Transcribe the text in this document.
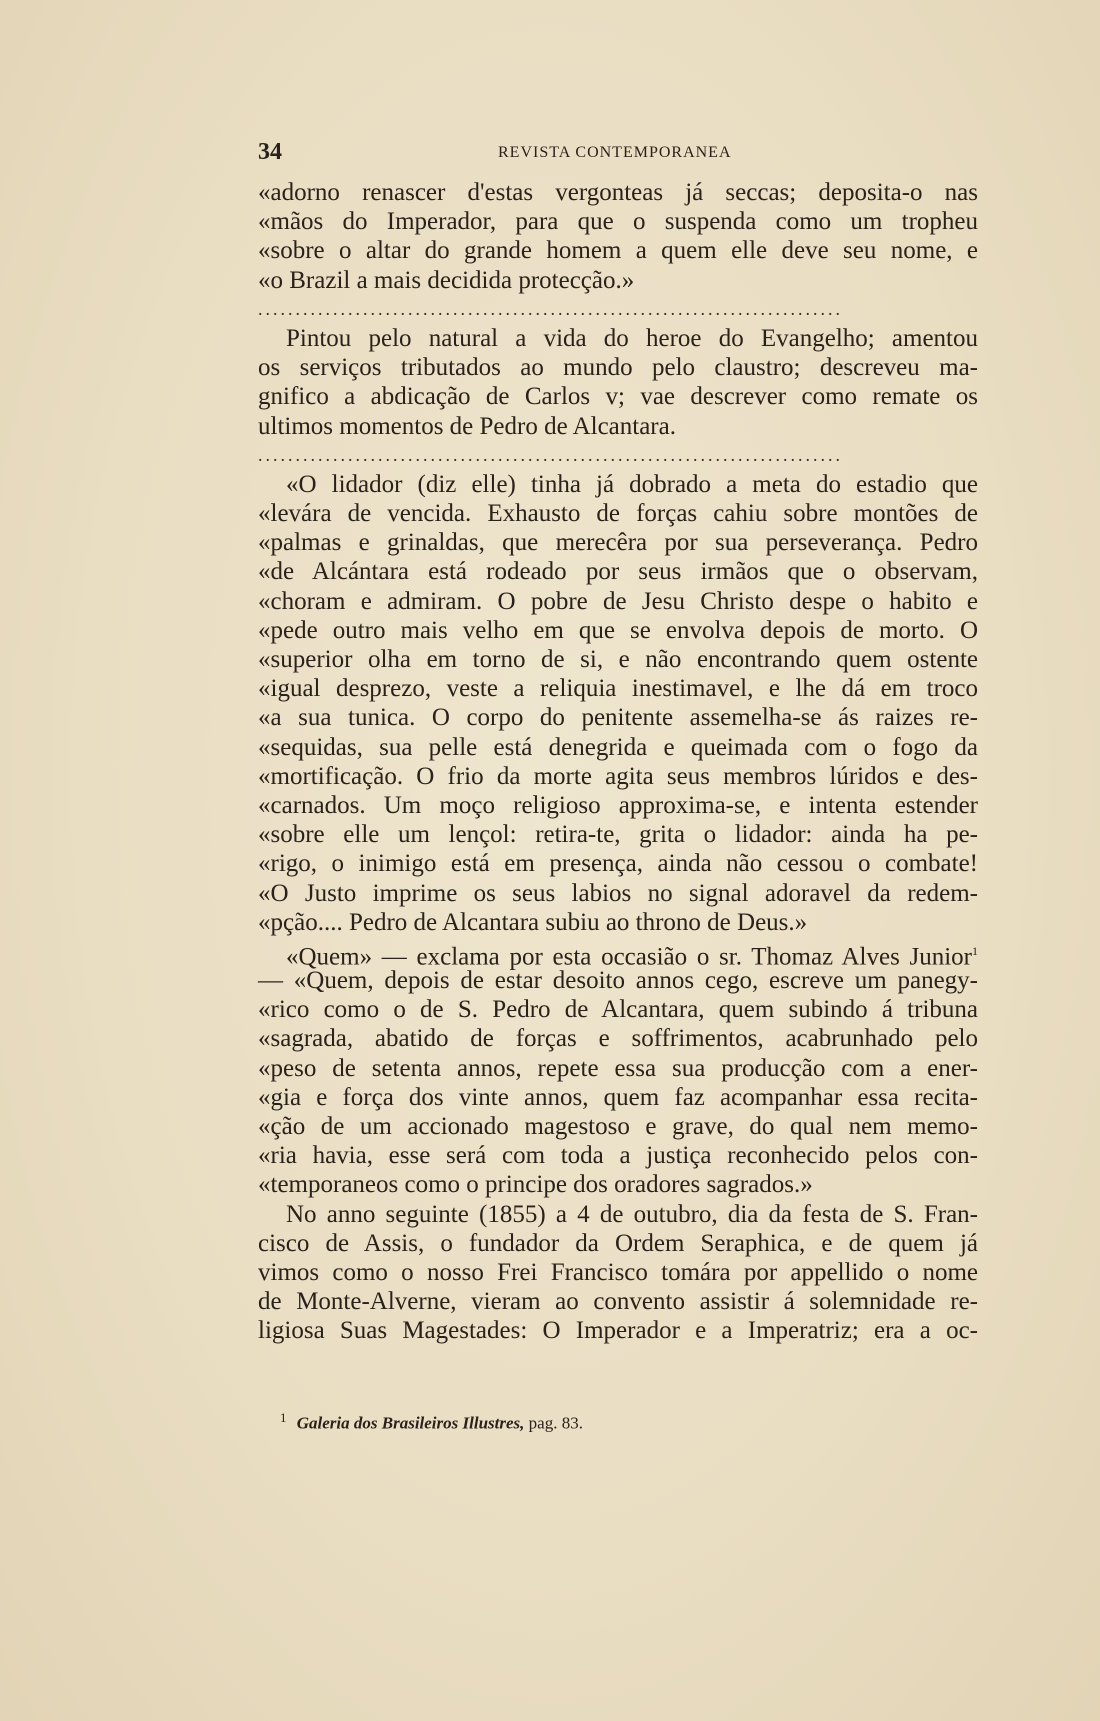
34	REVISTA CONTEMPORANEA
«adorno renascer d'estas vergonteas já seccas; deposita-o nas
«mãos do Imperador, para que o suspenda como um tropheu
«sobre o altar do grande homem a quem elle deve seu nome, e
«o Brazil a mais decidida protecção.»
..............................................................................
Pintou pelo natural a vida do heroe do Evangelho; amentou
os serviços tributados ao mundo pelo claustro; descreveu ma-
gnifico a abdicação de Carlos v; vae descrever como remate os
ultimos momentos de Pedro de Alcantara.
..............................................................................
«O lidador (diz elle) tinha já dobrado a meta do estadio que
«levára de vencida. Exhausto de forças cahiu sobre montões de
«palmas e grinaldas, que merecêra por sua perseverança. Pedro
«de Alcántara está rodeado por seus irmãos que o observam,
«choram e admiram. O pobre de Jesu Christo despe o habito e
«pede outro mais velho em que se envolva depois de morto. O
«superior olha em torno de si, e não encontrando quem ostente
«igual desprezo, veste a reliquia inestimavel, e lhe dá em troco
«a sua tunica. O corpo do penitente assemelha-se ás raizes re-
«sequidas, sua pelle está denegrida e queimada com o fogo da
«mortificação. O frio da morte agita seus membros lúridos e des-
«carnados. Um moço religioso approxima-se, e intenta estender
«sobre elle um lençol: retira-te, grita o lidador: ainda ha pe-
«rigo, o inimigo está em presença, ainda não cessou o combate!
«O Justo imprime os seus labios no signal adoravel da redem-
«pção.... Pedro de Alcantara subiu ao throno de Deus.»
«Quem» — exclama por esta occasião o sr. Thomaz Alves Junior$^1$
— «Quem, depois de estar desoito annos cego, escreve um panegy-
«rico como o de S. Pedro de Alcantara, quem subindo á tribuna
«sagrada, abatido de forças e soffrimentos, acabrunhado pelo
«peso de setenta annos, repete essa sua producção com a ener-
«gia e força dos vinte annos, quem faz acompanhar essa recita-
«ção de um accionado magestoso e grave, do qual nem memo-
«ria havia, esse será com toda a justiça reconhecido pelos con-
«temporaneos como o principe dos oradores sagrados.»
No anno seguinte (1855) a 4 de outubro, dia da festa de S. Fran-
cisco de Assis, o fundador da Ordem Seraphica, e de quem já
vimos como o nosso Frei Francisco tomára por appellido o nome
de Monte-Alverne, vieram ao convento assistir á solemnidade re-
ligiosa Suas Magestades: O Imperador e a Imperatriz; era a oc-
$^1$ Galeria dos Brasileiros Illustres, pag. 83.
